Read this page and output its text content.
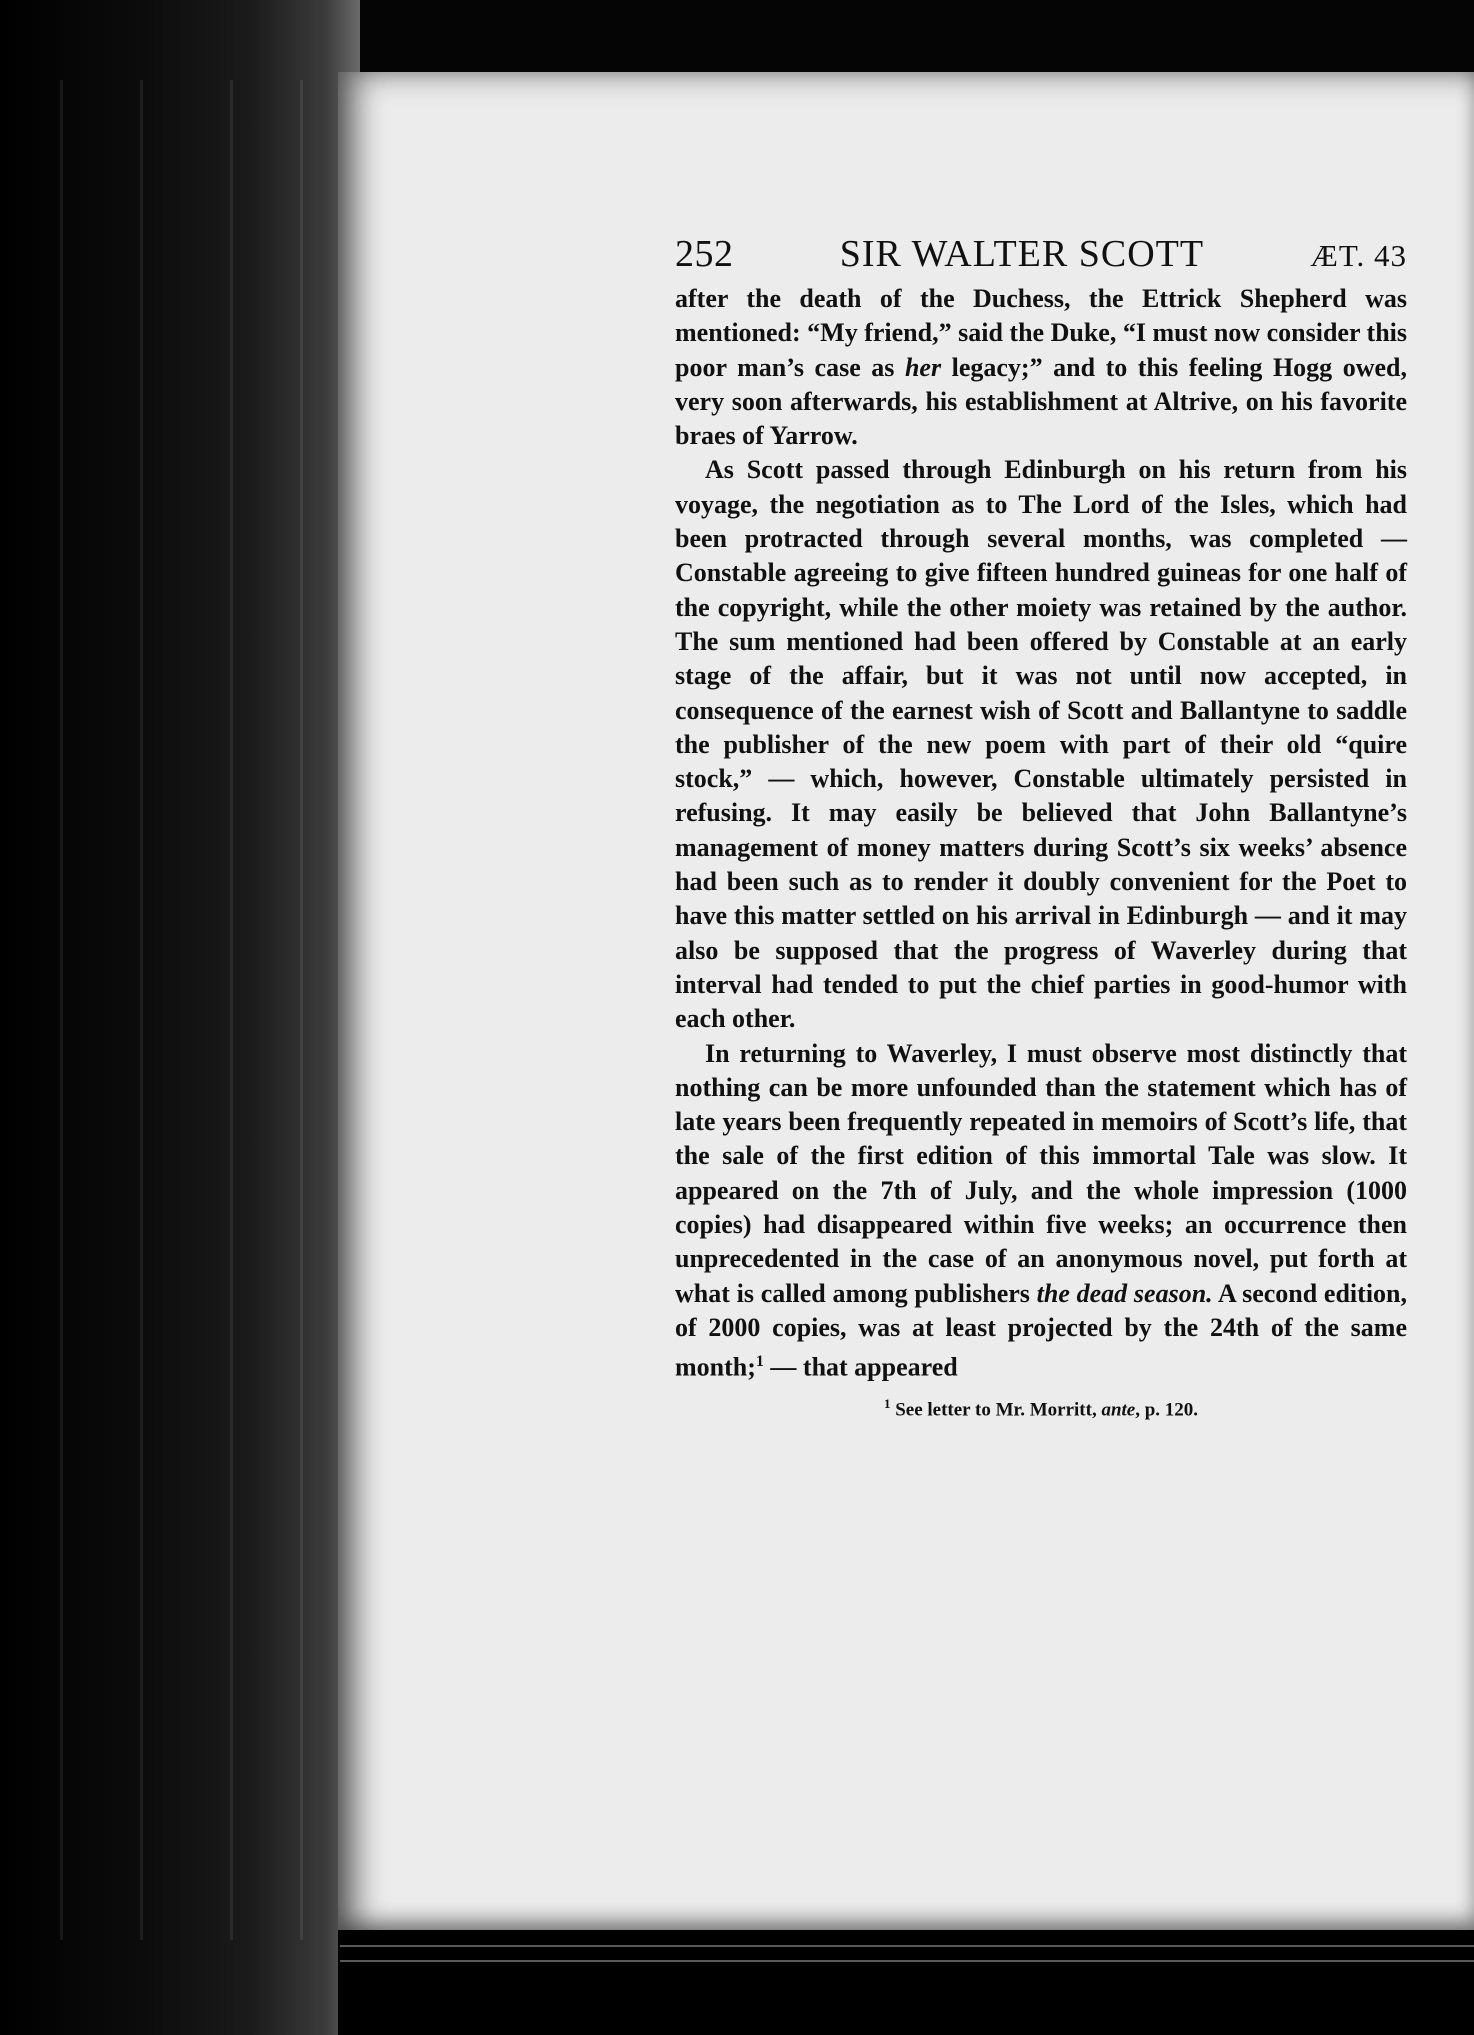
252	SIR WALTER SCOTT	ÆT. 43

after the death of the Duchess, the Ettrick Shepherd was mentioned: “My friend,” said the Duke, “I must now consider this poor man’s case as her legacy;” and to this feeling Hogg owed, very soon afterwards, his establishment at Altrive, on his favorite braes of Yarrow.

As Scott passed through Edinburgh on his return from his voyage, the negotiation as to The Lord of the Isles, which had been protracted through several months, was completed — Constable agreeing to give fifteen hundred guineas for one half of the copyright, while the other moiety was retained by the author. The sum mentioned had been offered by Constable at an early stage of the affair, but it was not until now accepted, in consequence of the earnest wish of Scott and Ballantyne to saddle the publisher of the new poem with part of their old “quire stock,” — which, however, Constable ultimately persisted in refusing. It may easily be believed that John Ballantyne’s management of money matters during Scott’s six weeks’ absence had been such as to render it doubly convenient for the Poet to have this matter settled on his arrival in Edinburgh — and it may also be supposed that the progress of Waverley during that interval had tended to put the chief parties in good-humor with each other.

In returning to Waverley, I must observe most distinctly that nothing can be more unfounded than the statement which has of late years been frequently repeated in memoirs of Scott’s life, that the sale of the first edition of this immortal Tale was slow. It appeared on the 7th of July, and the whole impression (1000 copies) had disappeared within five weeks; an occurrence then unprecedented in the case of an anonymous novel, put forth at what is called among publishers the dead season. A second edition, of 2000 copies, was at least projected by the 24th of the same month;$^1$ — that appeared

$^1$ See letter to Mr. Morritt, ante, p. 120.
